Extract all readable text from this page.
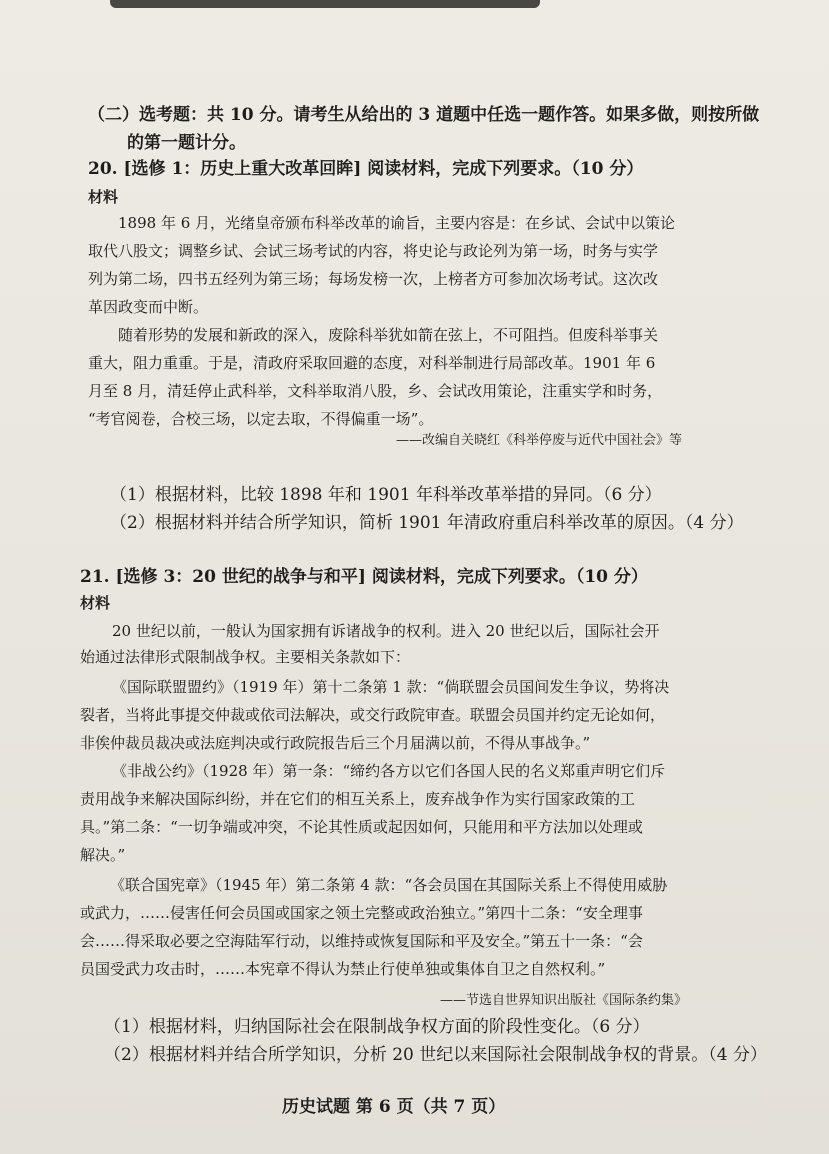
（二）选考题：共 10 分。请考生从给出的 3 道题中任选一题作答。如果多做，则按所做
的第一题计分。
20. [选修 1：历史上重大改革回眸] 阅读材料，完成下列要求。（10 分）
材料
1898 年 6 月，光绪皇帝颁布科举改革的谕旨，主要内容是：在乡试、会试中以策论
取代八股文；调整乡试、会试三场考试的内容，将史论与政论列为第一场，时务与实学
列为第二场，四书五经列为第三场；每场发榜一次，上榜者方可参加次场考试。这次改
革因政变而中断。
随着形势的发展和新政的深入，废除科举犹如箭在弦上，不可阻挡。但废科举事关
重大，阻力重重。于是，清政府采取回避的态度，对科举制进行局部改革。1901 年 6
月至 8 月，清廷停止武科举，文科举取消八股，乡、会试改用策论，注重实学和时务，
“考官阅卷，合校三场，以定去取，不得偏重一场”。
——改编自关晓红《科举停废与近代中国社会》等
（1）根据材料，比较 1898 年和 1901 年科举改革举措的异同。（6 分）
（2）根据材料并结合所学知识，简析 1901 年清政府重启科举改革的原因。（4 分）
21. [选修 3：20 世纪的战争与和平] 阅读材料，完成下列要求。（10 分）
材料
20 世纪以前，一般认为国家拥有诉诸战争的权利。进入 20 世纪以后，国际社会开
始通过法律形式限制战争权。主要相关条款如下：
《国际联盟盟约》（1919 年）第十二条第 1 款：“倘联盟会员国间发生争议，势将决
裂者，当将此事提交仲裁或依司法解决，或交行政院审查。联盟会员国并约定无论如何，
非俟仲裁员裁决或法庭判决或行政院报告后三个月届满以前，不得从事战争。”
《非战公约》（1928 年）第一条：“缔约各方以它们各国人民的名义郑重声明它们斥
责用战争来解决国际纠纷，并在它们的相互关系上，废弃战争作为实行国家政策的工
具。”第二条：“一切争端或冲突，不论其性质或起因如何，只能用和平方法加以处理或
解决。”
《联合国宪章》（1945 年）第二条第 4 款：“各会员国在其国际关系上不得使用威胁
或武力，……侵害任何会员国或国家之领土完整或政治独立。”第四十二条：“安全理事
会……得采取必要之空海陆军行动，以维持或恢复国际和平及安全。”第五十一条：“会
员国受武力攻击时，……本宪章不得认为禁止行使单独或集体自卫之自然权利。”
——节选自世界知识出版社《国际条约集》
（1）根据材料，归纳国际社会在限制战争权方面的阶段性变化。（6 分）
（2）根据材料并结合所学知识，分析 20 世纪以来国际社会限制战争权的背景。（4 分）
历史试题 第 6 页（共 7 页）
